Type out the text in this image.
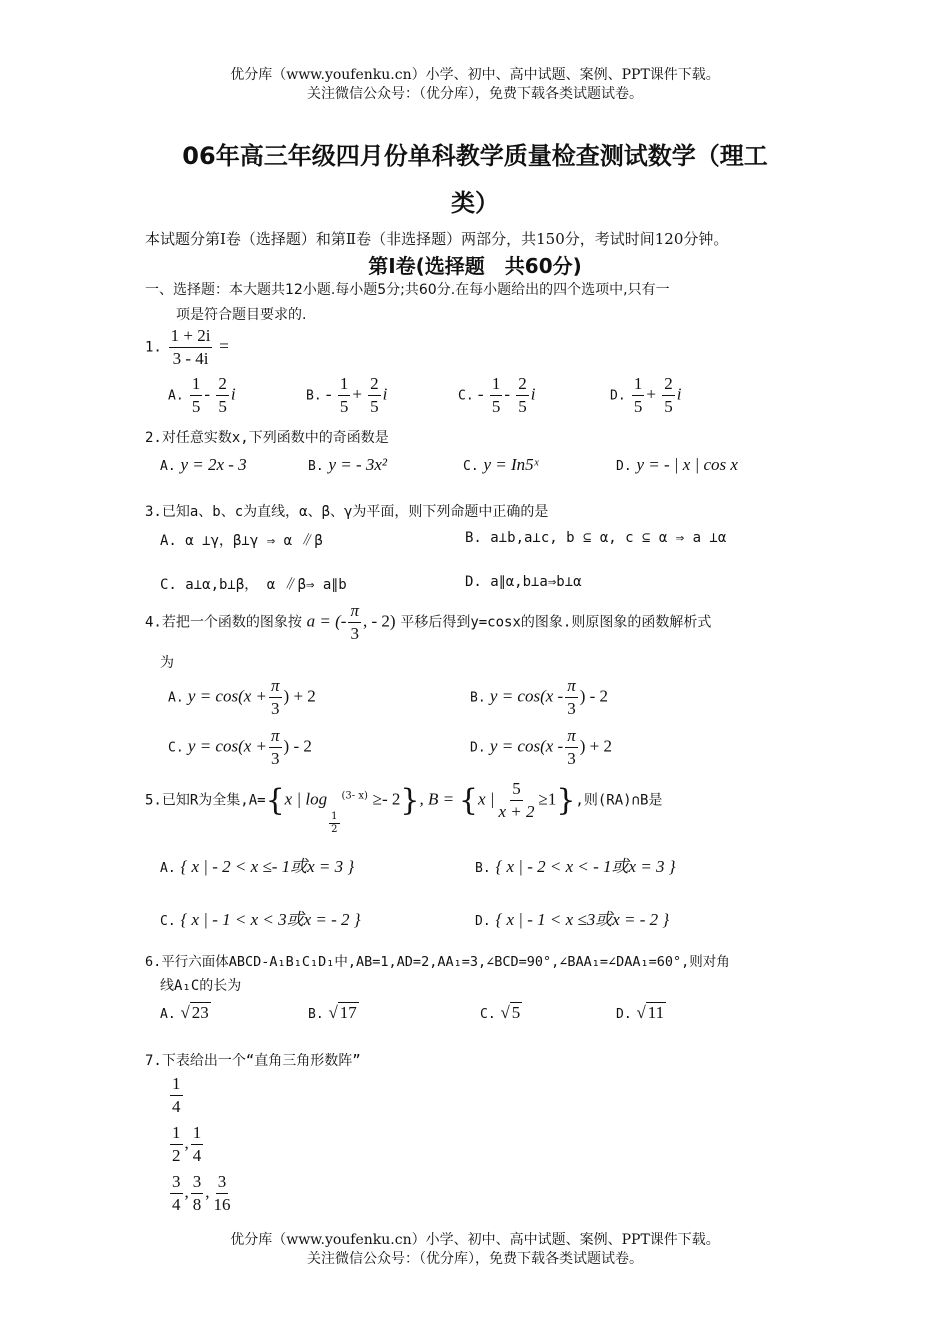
优分库（www.youfenku.cn）小学、初中、高中试题、案例、PPT课件下载。
关注微信公众号：（优分库），免费下载各类试题试卷。
06年高三年级四月份单科教学质量检查测试数学（理工
类）
本试题分第Ⅰ卷（选择题）和第Ⅱ卷（非选择题）两部分，共150分，考试时间120分钟。
第Ⅰ卷(选择题　共60分)
一、选择题：本大题共12小题.每小题5分;共60分.在每小题给出的四个选项中,只有一
项是符合题目要求的.
1. $\frac{1 + 2i}{3 - 4i}$ =
A. $\frac{1}{5} - \frac{2}{5}$ i	B. - $\frac{1}{5} + \frac{2}{5}$ i	C. - $\frac{1}{5} - \frac{2}{5}$ i	D. $\frac{1}{5} + \frac{2}{5}$ i
2.对任意实数x,下列函数中的奇函数是
A. y = 2x - 3	B. y = - 3x²	C. y = In5ˣ	D. y = - | x | cos x
3.已知a、b、c为直线，α、β、γ为平面，则下列命题中正确的是
A. α ⊥γ，β⊥γ ⇒ α ∥β	B. a⊥b,a⊥c, b ⊆ α, c ⊆ α ⇒ a ⊥α
C. a⊥α,b⊥β， α ∥β⇒ a∥b	D. a∥α,b⊥a⇒b⊥α
4.若把一个函数的图象按 a = (- $\frac{\pi}{3}$ , - 2) 平移后得到y=cosx的图象.则原图象的函数解析式
为
A. $y = \cos(x + \frac{\pi}{3}$ ) + 2	B. $y = \cos(x - \frac{\pi}{3}$ ) - 2
C. $y = \cos(x + \frac{\pi}{3}$ ) - 2	D. $y = \cos(x - \frac{\pi}{3}$ ) + 2
5.已知R为全集,A={x | log
$\frac{1}{2}$
$^{(3- x)}$ ≥- 2}, B = {x | $\frac{5}{x + 2} \ge 1$},则(RA)∩B是
A. { x | - 2 < x ≤- 1或x = 3 }	B. { x | - 2 < x < - 1或x = 3 }
C. { x | - 1 < x < 3或x = - 2 }	D. { x | - 1 < x ≤3或x = - 2 }
6.平行六面体ABCD-A₁B₁C₁D₁中,AB=1,AD=2,AA₁=3,∠BCD=90°,∠BAA₁=∠DAA₁=60°,则对角
线A₁C的长为
A. √ 23	B. √ 17	C. √ 5	D. √ 11
7.下表给出一个“直角三角形数阵”
$\frac{1}{4}$
$\frac{1}{2}$ , $\frac{1}{4}$
$\frac{3}{4}$ , $\frac{3}{8}$ , $\frac{3}{16}$
优分库（www.youfenku.cn）小学、初中、高中试题、案例、PPT课件下载。
关注微信公众号：（优分库），免费下载各类试题试卷。
